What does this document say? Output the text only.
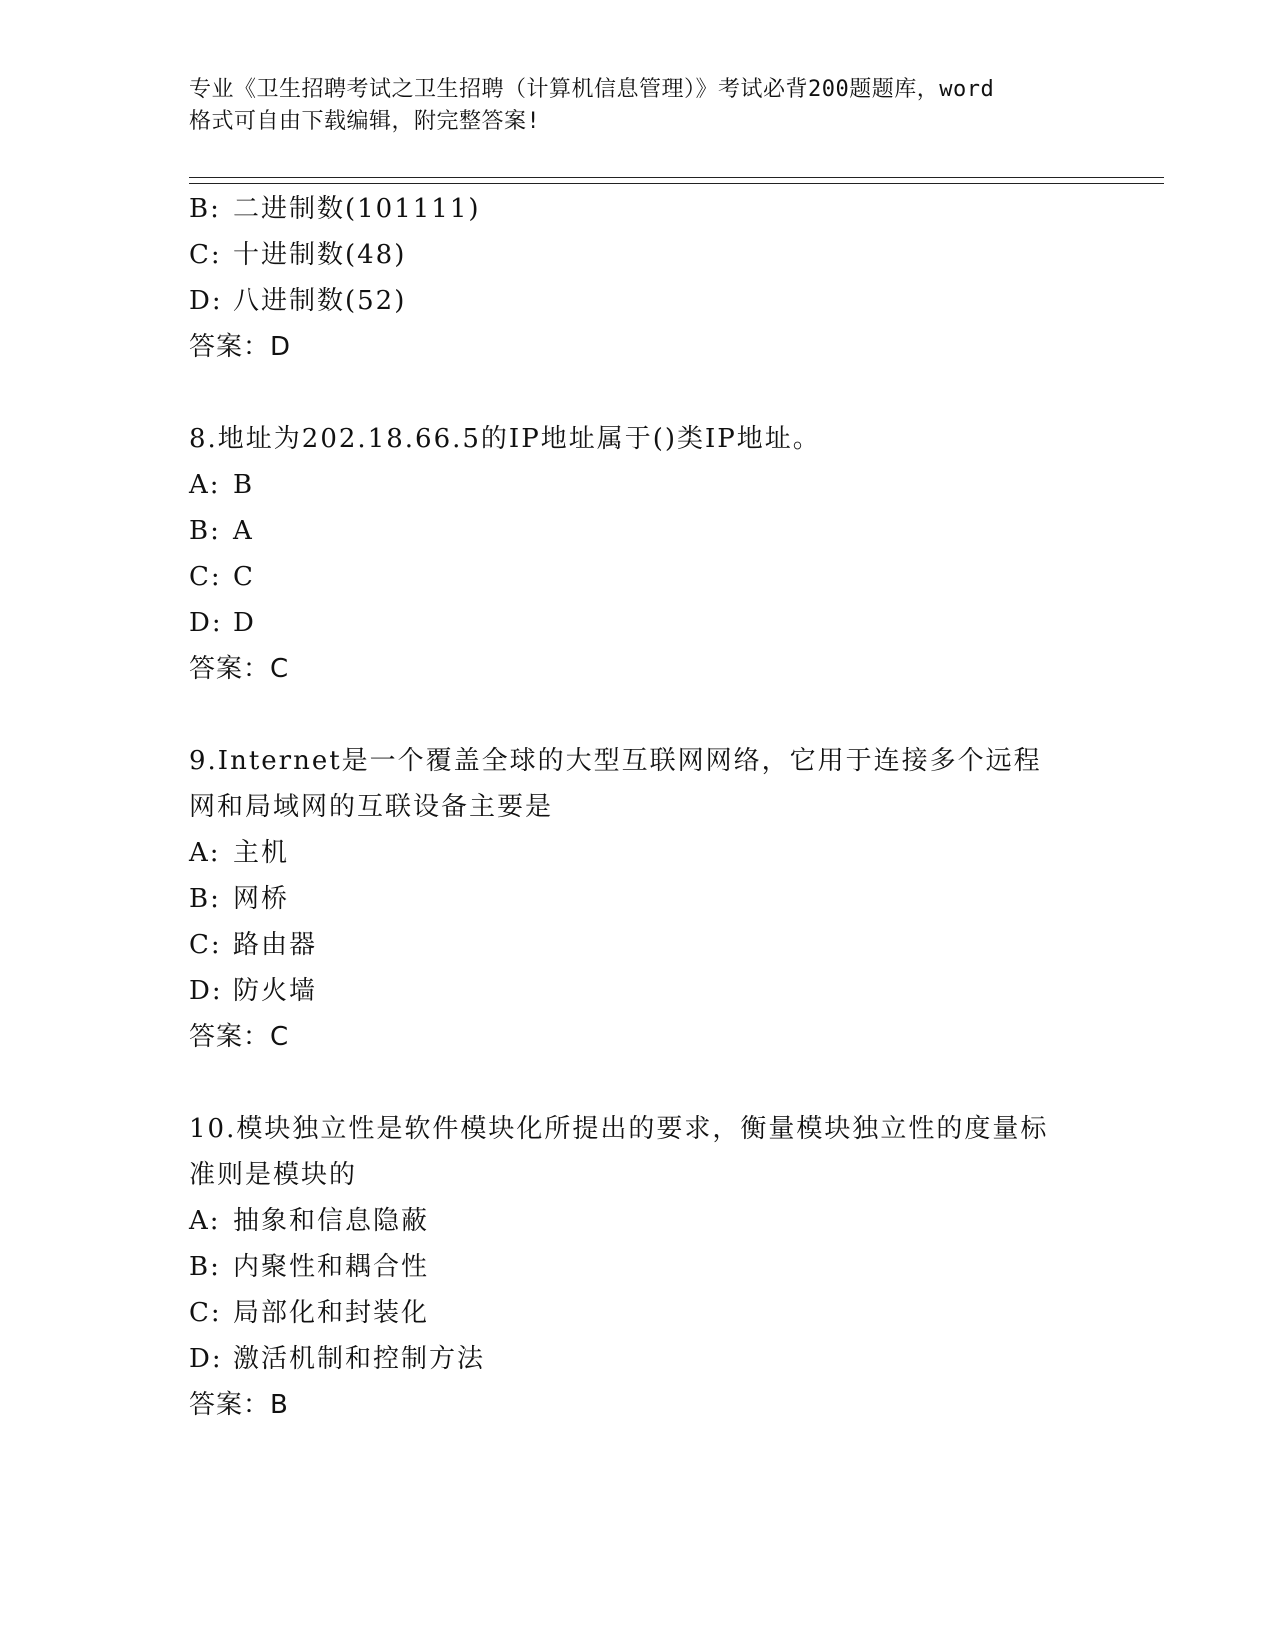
专业《卫生招聘考试之卫生招聘（计算机信息管理）》考试必背200题题库，word
格式可自由下载编辑，附完整答案!
B: 二进制数(101111)
C: 十进制数(48)
D: 八进制数(52)
答案：D
8.地址为202.18.66.5的IP地址属于()类IP地址。
A: B
B: A
C: C
D: D
答案：C
9.Internet是一个覆盖全球的大型互联网网络，它用于连接多个远程
网和局域网的互联设备主要是
A: 主机
B: 网桥
C: 路由器
D: 防火墙
答案：C
10.模块独立性是软件模块化所提出的要求，衡量模块独立性的度量标
准则是模块的
A: 抽象和信息隐蔽
B: 内聚性和耦合性
C: 局部化和封装化
D: 激活机制和控制方法
答案：B
